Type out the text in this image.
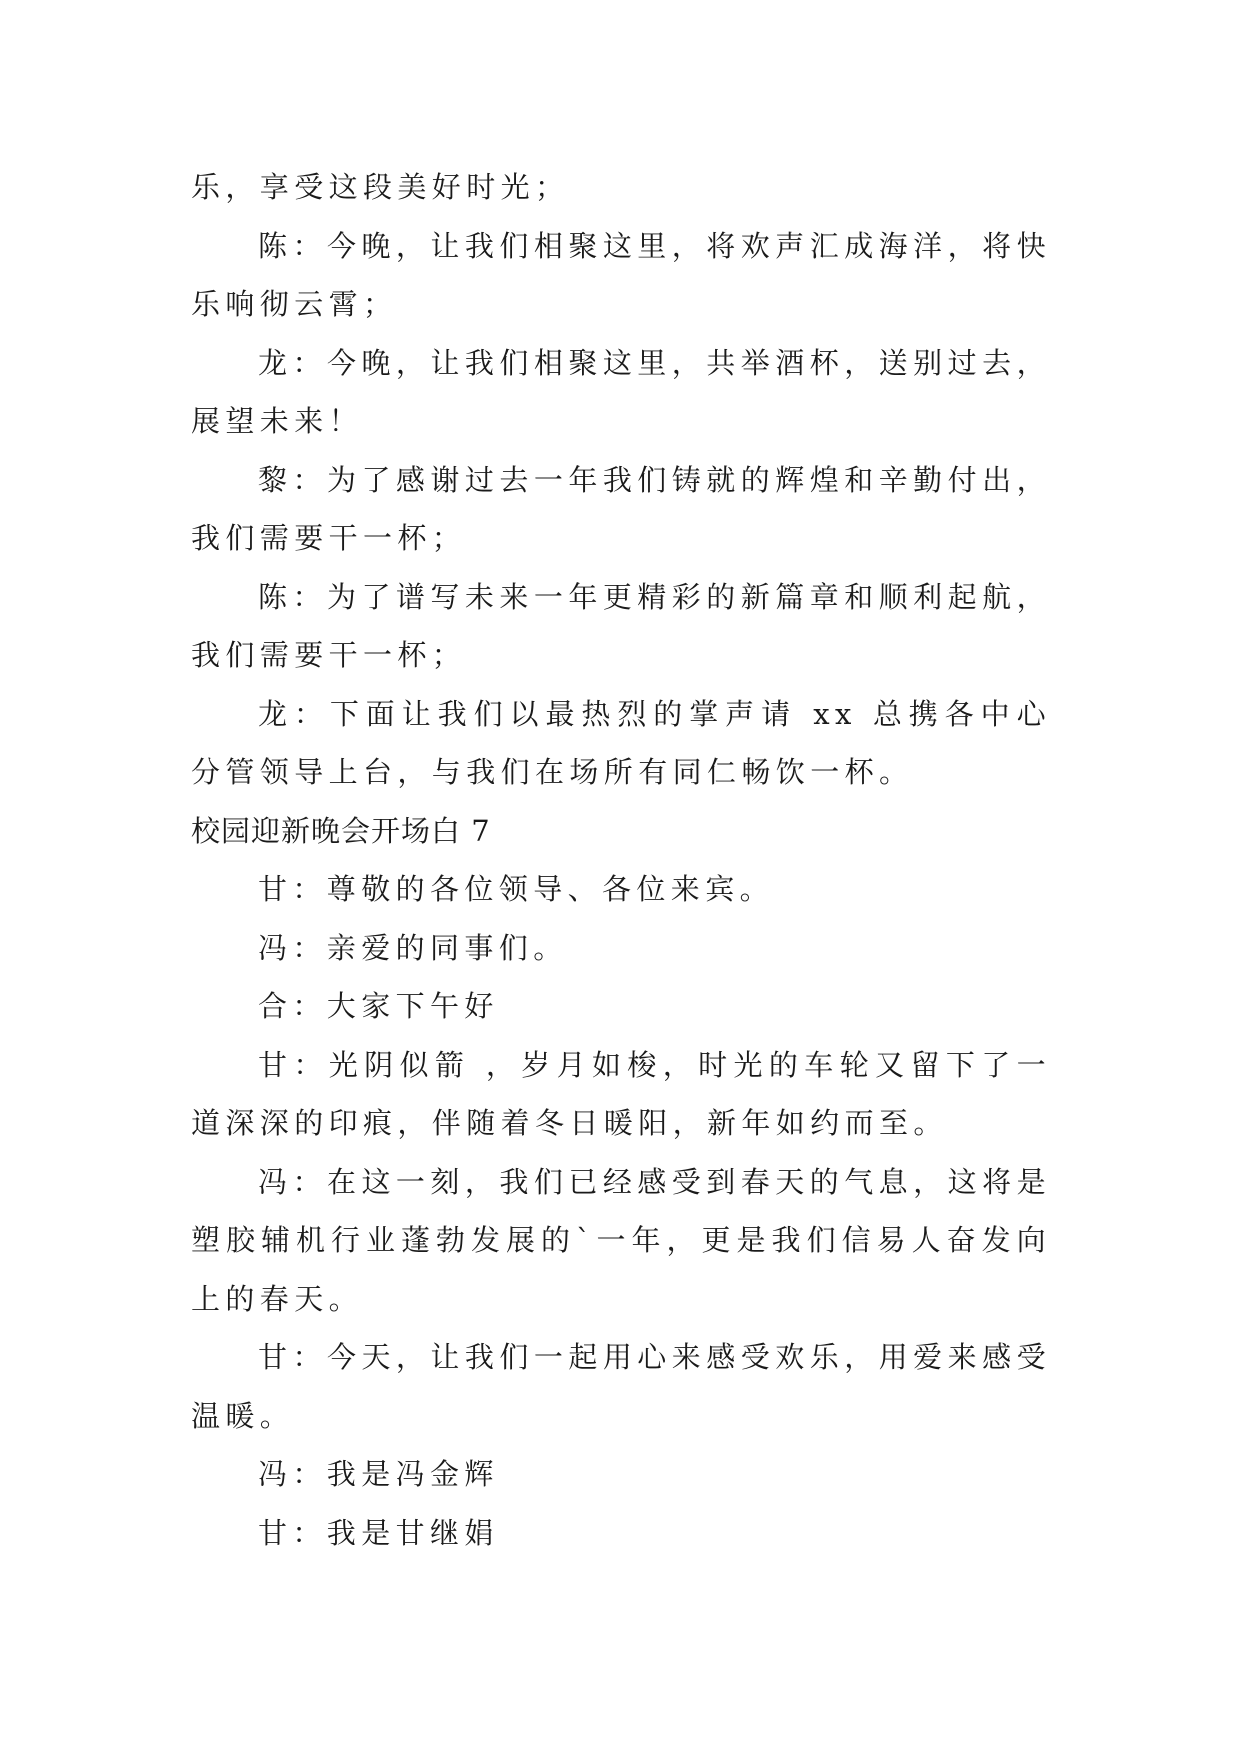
乐，享受这段美好时光；

陈：今晚，让我们相聚这里，将欢声汇成海洋，将快乐响彻云霄；

龙：今晚，让我们相聚这里，共举酒杯，送别过去，展望未来！

黎：为了感谢过去一年我们铸就的辉煌和辛勤付出，我们需要干一杯；

陈：为了谱写未来一年更精彩的新篇章和顺利起航，我们需要干一杯；

龙：下面让我们以最热烈的掌声请 xx 总携各中心分管领导上台，与我们在场所有同仁畅饮一杯。

校园迎新晚会开场白 7

甘：尊敬的各位领导、各位来宾。

冯：亲爱的同事们。

合：大家下午好

甘：光阴似箭 ，岁月如梭，时光的车轮又留下了一道深深的印痕，伴随着冬日暖阳，新年如约而至。

冯：在这一刻，我们已经感受到春天的气息，这将是塑胶辅机行业蓬勃发展的`一年，更是我们信易人奋发向上的春天。

甘：今天，让我们一起用心来感受欢乐，用爱来感受温暖。

冯：我是冯金辉

甘：我是甘继娟
